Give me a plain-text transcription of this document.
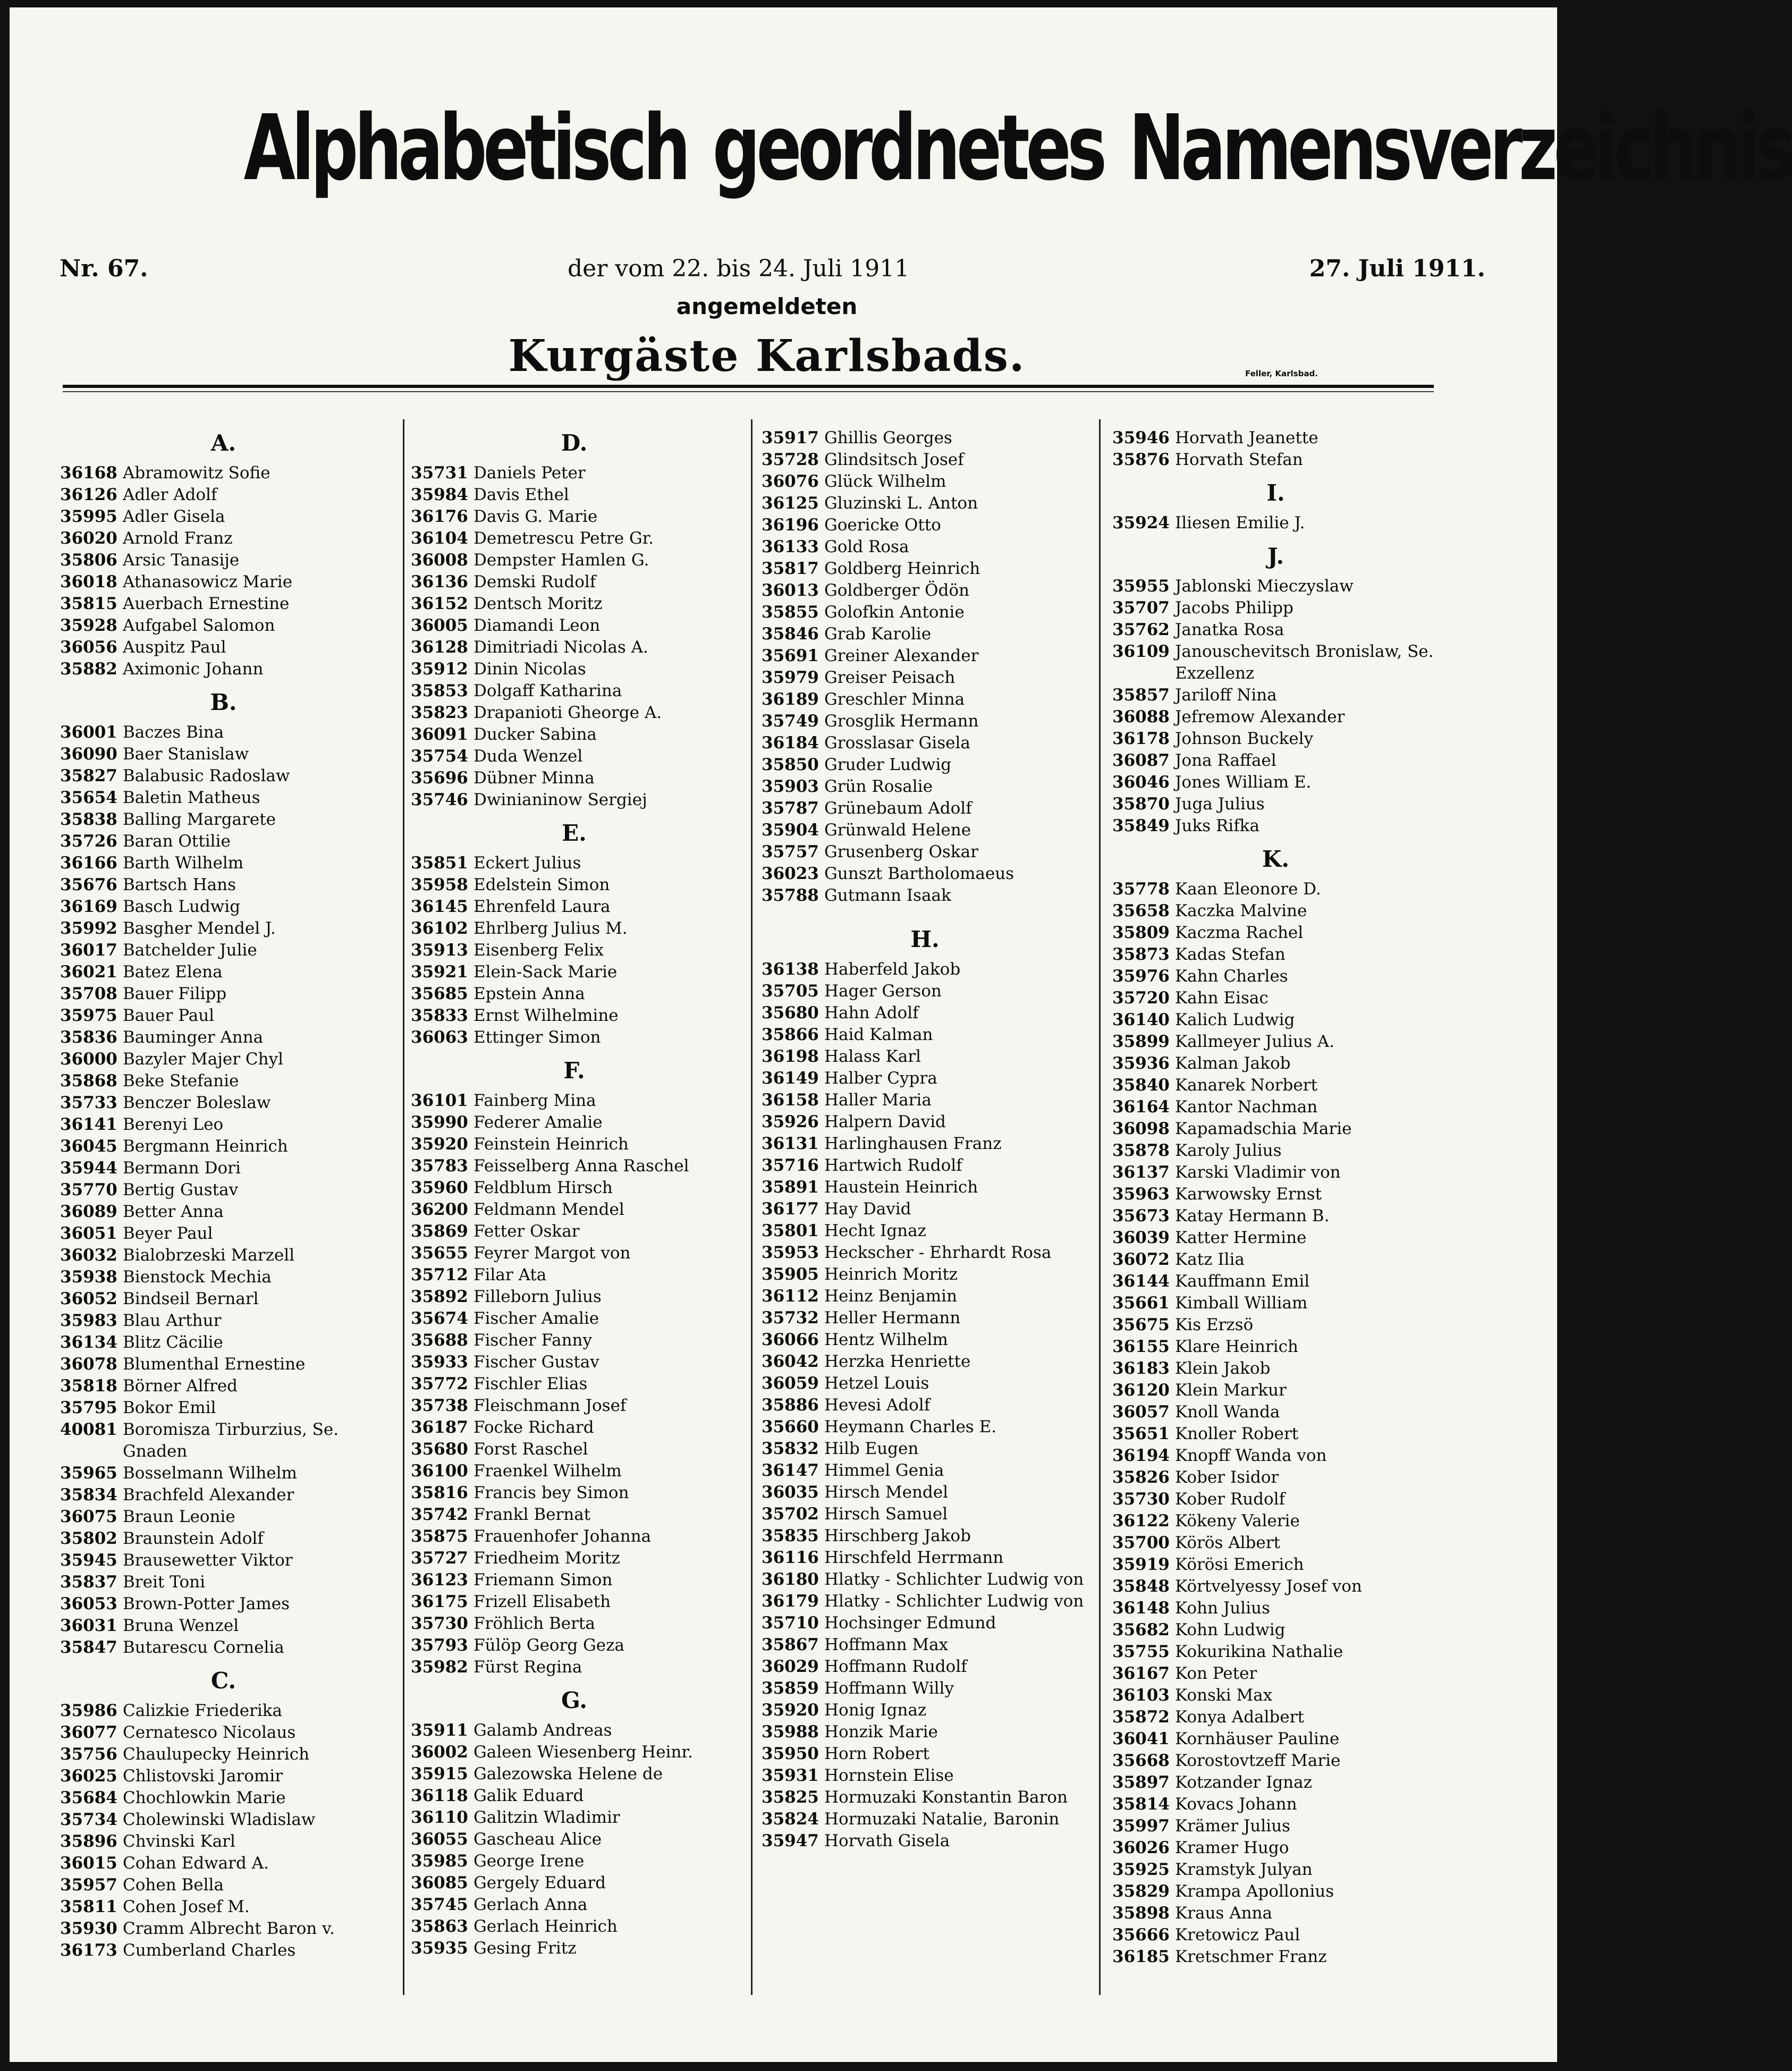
Alphabetisch geordnetes Namensverzeichnis
Nr. 67.	der vom 22. bis 24. Juli 1911	27. Juli 1911.
angemeldeten
Kurgäste Karlsbads.	Feller, Karlsbad.
A.
36168 Abramowitz Sofie
36126 Adler Adolf
35995 Adler Gisela
36020 Arnold Franz
35806 Arsic Tanasije
36018 Athanasowicz Marie
35815 Auerbach Ernestine
35928 Aufgabel Salomon
36056 Auspitz Paul
35882 Aximonic Johann
B.
36001 Baczes Bina
36090 Baer Stanislaw
35827 Balabusic Radoslaw
35654 Baletin Matheus
35838 Balling Margarete
35726 Baran Ottilie
36166 Barth Wilhelm
35676 Bartsch Hans
36169 Basch Ludwig
35992 Basgher Mendel J.
36017 Batchelder Julie
36021 Batez Elena
35708 Bauer Filipp
35975 Bauer Paul
35836 Bauminger Anna
36000 Bazyler Majer Chyl
35868 Beke Stefanie
35733 Benczer Boleslaw
36141 Berenyi Leo
36045 Bergmann Heinrich
35944 Bermann Dori
35770 Bertig Gustav
36089 Better Anna
36051 Beyer Paul
36032 Bialobrzeski Marzell
35938 Bienstock Mechia
36052 Bindseil Bernarl
35983 Blau Arthur
36134 Blitz Cäcilie
36078 Blumenthal Ernestine
35818 Börner Alfred
35795 Bokor Emil
40081 Boromisza Tirburzius, Se. Gnaden
35965 Bosselmann Wilhelm
35834 Brachfeld Alexander
36075 Braun Leonie
35802 Braunstein Adolf
35945 Brausewetter Viktor
35837 Breit Toni
36053 Brown-Potter James
36031 Bruna Wenzel
35847 Butarescu Cornelia
C.
35986 Calizkie Friederika
36077 Cernatesco Nicolaus
35756 Chaulupecky Heinrich
36025 Chlistovski Jaromir
35684 Chochlowkin Marie
35734 Cholewinski Wladislaw
35896 Chvinski Karl
36015 Cohan Edward A.
35957 Cohen Bella
35811 Cohen Josef M.
35930 Cramm Albrecht Baron v.
36173 Cumberland Charles
D.
35731 Daniels Peter
35984 Davis Ethel
36176 Davis G. Marie
36104 Demetrescu Petre Gr.
36008 Dempster Hamlen G.
36136 Demski Rudolf
36152 Dentsch Moritz
36005 Diamandi Leon
36128 Dimitriadi Nicolas A.
35912 Dinin Nicolas
35853 Dolgaff Katharina
35823 Drapanioti Gheorge A.
36091 Ducker Sabina
35754 Duda Wenzel
35696 Dübner Minna
35746 Dwinianinow Sergiej
E.
35851 Eckert Julius
35958 Edelstein Simon
36145 Ehrenfeld Laura
36102 Ehrlberg Julius M.
35913 Eisenberg Felix
35921 Elein-Sack Marie
35685 Epstein Anna
35833 Ernst Wilhelmine
36063 Ettinger Simon
F.
36101 Fainberg Mina
35990 Federer Amalie
35920 Feinstein Heinrich
35783 Feisselberg Anna Raschel
35960 Feldblum Hirsch
36200 Feldmann Mendel
35869 Fetter Oskar
35655 Feyrer Margot von
35712 Filar Ata
35892 Filleborn Julius
35674 Fischer Amalie
35688 Fischer Fanny
35933 Fischer Gustav
35772 Fischler Elias
35738 Fleischmann Josef
36187 Focke Richard
35680 Forst Raschel
36100 Fraenkel Wilhelm
35816 Francis bey Simon
35742 Frankl Bernat
35875 Frauenhofer Johanna
35727 Friedheim Moritz
36123 Friemann Simon
36175 Frizell Elisabeth
35730 Fröhlich Berta
35793 Fülöp Georg Geza
35982 Fürst Regina
G.
35911 Galamb Andreas
36002 Galeen Wiesenberg Heinr.
35915 Galezowska Helene de
36118 Galik Eduard
36110 Galitzin Wladimir
36055 Gascheau Alice
35985 George Irene
36085 Gergely Eduard
35745 Gerlach Anna
35863 Gerlach Heinrich
35935 Gesing Fritz
35917 Ghillis Georges
35728 Glindsitsch Josef
36076 Glück Wilhelm
36125 Gluzinski L. Anton
36196 Goericke Otto
36133 Gold Rosa
35817 Goldberg Heinrich
36013 Goldberger Ödön
35855 Golofkin Antonie
35846 Grab Karolie
35691 Greiner Alexander
35979 Greiser Peisach
36189 Greschler Minna
35749 Grosglik Hermann
36184 Grosslasar Gisela
35850 Gruder Ludwig
35903 Grün Rosalie
35787 Grünebaum Adolf
35904 Grünwald Helene
35757 Grusenberg Oskar
36023 Gunszt Bartholomaeus
35788 Gutmann Isaak
H.
36138 Haberfeld Jakob
35705 Hager Gerson
35680 Hahn Adolf
35866 Haid Kalman
36198 Halass Karl
36149 Halber Cypra
36158 Haller Maria
35926 Halpern David
36131 Harlinghausen Franz
35716 Hartwich Rudolf
35891 Haustein Heinrich
36177 Hay David
35801 Hecht Ignaz
35953 Heckscher - Ehrhardt Rosa
35905 Heinrich Moritz
36112 Heinz Benjamin
35732 Heller Hermann
36066 Hentz Wilhelm
36042 Herzka Henriette
36059 Hetzel Louis
35886 Hevesi Adolf
35660 Heymann Charles E.
35832 Hilb Eugen
36147 Himmel Genia
36035 Hirsch Mendel
35702 Hirsch Samuel
35835 Hirschberg Jakob
36116 Hirschfeld Herrmann
36180 Hlatky - Schlichter Ludwig von
36179 Hlatky - Schlichter Ludwig von
35710 Hochsinger Edmund
35867 Hoffmann Max
36029 Hoffmann Rudolf
35859 Hoffmann Willy
35920 Honig Ignaz
35988 Honzik Marie
35950 Horn Robert
35931 Hornstein Elise
35825 Hormuzaki Konstantin Baron
35824 Hormuzaki Natalie, Baronin
35947 Horvath Gisela
35946 Horvath Jeanette
35876 Horvath Stefan
I.
35924 Iliesen Emilie J.
J.
35955 Jablonski Mieczyslaw
35707 Jacobs Philipp
35762 Janatka Rosa
36109 Janouschevitsch Bronislaw, Se. Exzellenz
35857 Jariloff Nina
36088 Jefremow Alexander
36178 Johnson Buckely
36087 Jona Raffael
36046 Jones William E.
35870 Juga Julius
35849 Juks Rifka
K.
35778 Kaan Eleonore D.
35658 Kaczka Malvine
35809 Kaczma Rachel
35873 Kadas Stefan
35976 Kahn Charles
35720 Kahn Eisac
36140 Kalich Ludwig
35899 Kallmeyer Julius A.
35936 Kalman Jakob
35840 Kanarek Norbert
36164 Kantor Nachman
36098 Kapamadschia Marie
35878 Karoly Julius
36137 Karski Vladimir von
35963 Karwowsky Ernst
35673 Katay Hermann B.
36039 Katter Hermine
36072 Katz Ilia
36144 Kauffmann Emil
35661 Kimball William
35675 Kis Erzsö
36155 Klare Heinrich
36183 Klein Jakob
36120 Klein Markur
36057 Knoll Wanda
35651 Knoller Robert
36194 Knopff Wanda von
35826 Kober Isidor
35730 Kober Rudolf
36122 Kökeny Valerie
35700 Körös Albert
35919 Körösi Emerich
35848 Körtvelyessy Josef von
36148 Kohn Julius
35682 Kohn Ludwig
35755 Kokurikina Nathalie
36167 Kon Peter
36103 Konski Max
35872 Konya Adalbert
36041 Kornhäuser Pauline
35668 Korostovtzeff Marie
35897 Kotzander Ignaz
35814 Kovacs Johann
35997 Krämer Julius
36026 Kramer Hugo
35925 Kramstyk Julyan
35829 Krampa Apollonius
35898 Kraus Anna
35666 Kretowicz Paul
36185 Kretschmer Franz
